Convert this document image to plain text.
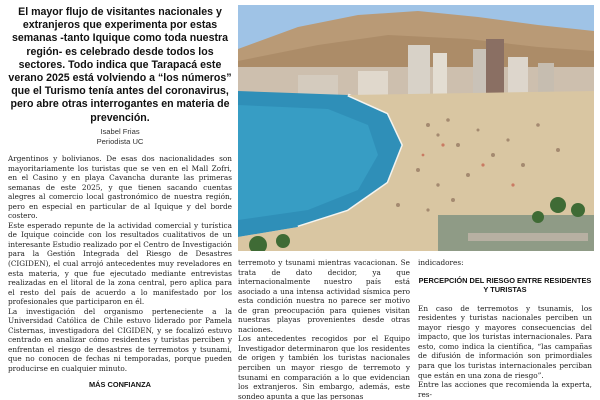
El mayor flujo de visitantes nacionales y extranjeros que experimenta por estas semanas -tanto Iquique como toda nuestra región- es celebrado desde todos los sectores. Todo indica que Tarapacá este verano 2025 está volviendo a “los números” que el Turismo tenía antes del coronavirus, pero abre otras interrogantes en materia de prevención.
Isabel Frias
Periodista UC

Argentinos y bolivianos. De esas dos nacionalidades son mayoritariamente los turistas que se ven en el Mall Zofri, en el Casino y en playa Cavancha durante las primeras semanas de este 2025, y que tienen sacando cuentas alegres al comercio local gastronómico de nuestra región, pero en especial en particular de al Iquique y del borde costero.

Este esperado repunte de la actividad comercial y turística de Iquique coincide con los resultados cualitativos de un interesante Estudio realizado por el Centro de Investigación para la Gestión Integrada del Riesgo de Desastres (CIGIDEN), el cual arrojó antecedentes muy reveladores en esta materia, y que fue ejecutado mediante entrevistas realizadas en el litoral de la zona central, pero aplica para el resto del país de acuerdo a lo manifestado por los profesionales que participaron en él.

La investigación del organismo perteneciente a la Universidad Católica de Chile estuvo liderado por Pamela Cisternas, investigadora del CIGIDEN, y se focalizó estuvo centrado en analizar cómo residentes y turistas perciben y enfrentan el riesgo de desastres de terremotos y tsunami, que no conocen de fechas ni temporadas, porque pueden producirse en cualquier minuto.

MÁS CONFIANZA

terremoto y tsunami mientras vacacionan. Se trata de dato decidor, ya que internacionalmente nuestro país está asociado a una intensa actividad sísmica pero esta condición nuestra no parece ser motivo de gran preocupación para quienes visitan nuestras playas provenientes desde otras naciones.

Los antecedentes recogidos por el Equipo Investigador determinaron que los residentes de origen y también los turistas nacionales perciben un mayor riesgo de terremoto y tsunami en comparación a lo que evidencian los extranjeros. Sin embargo, además, este sondeo apunta a que las personas

indicadores:

PERCEPCIÓN DEL RIESGO ENTRE RESIDENTES Y TURISTAS

En caso de terremotos y tsunamis, los residentes y turistas nacionales perciben un mayor riesgo y mayores consecuencias del impacto, que los turistas internacionales. Para esto, como indica la científica, “las campañas de difusión de información son primordiales para que los turistas internacionales perciban que están en una zona de riesgo”.

Entre las acciones que recomienda la experta, res-
